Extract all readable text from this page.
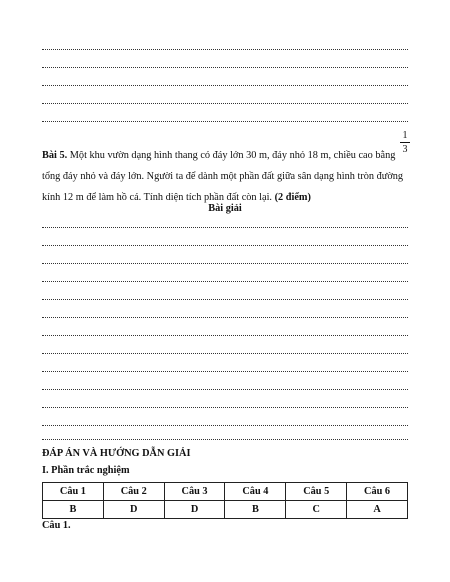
1
3
Bài 5. Một khu vườn dạng hình thang có đáy lớn 30 m, đáy nhỏ 18 m, chiều cao bằng
tổng đáy nhỏ và đáy lớn. Người ta để dành một phần đất giữa sân dạng hình tròn đường
kính 12 m để làm hồ cá. Tính diện tích phần đất còn lại. (2 điểm)
Bài giải
ĐÁP ÁN VÀ HƯỚNG DẪN GIẢI
I. Phần trắc nghiệm
Câu 1	Câu 2	Câu 3	Câu 4	Câu 5	Câu 6
B	D	D	B	C	A
Câu 1.
